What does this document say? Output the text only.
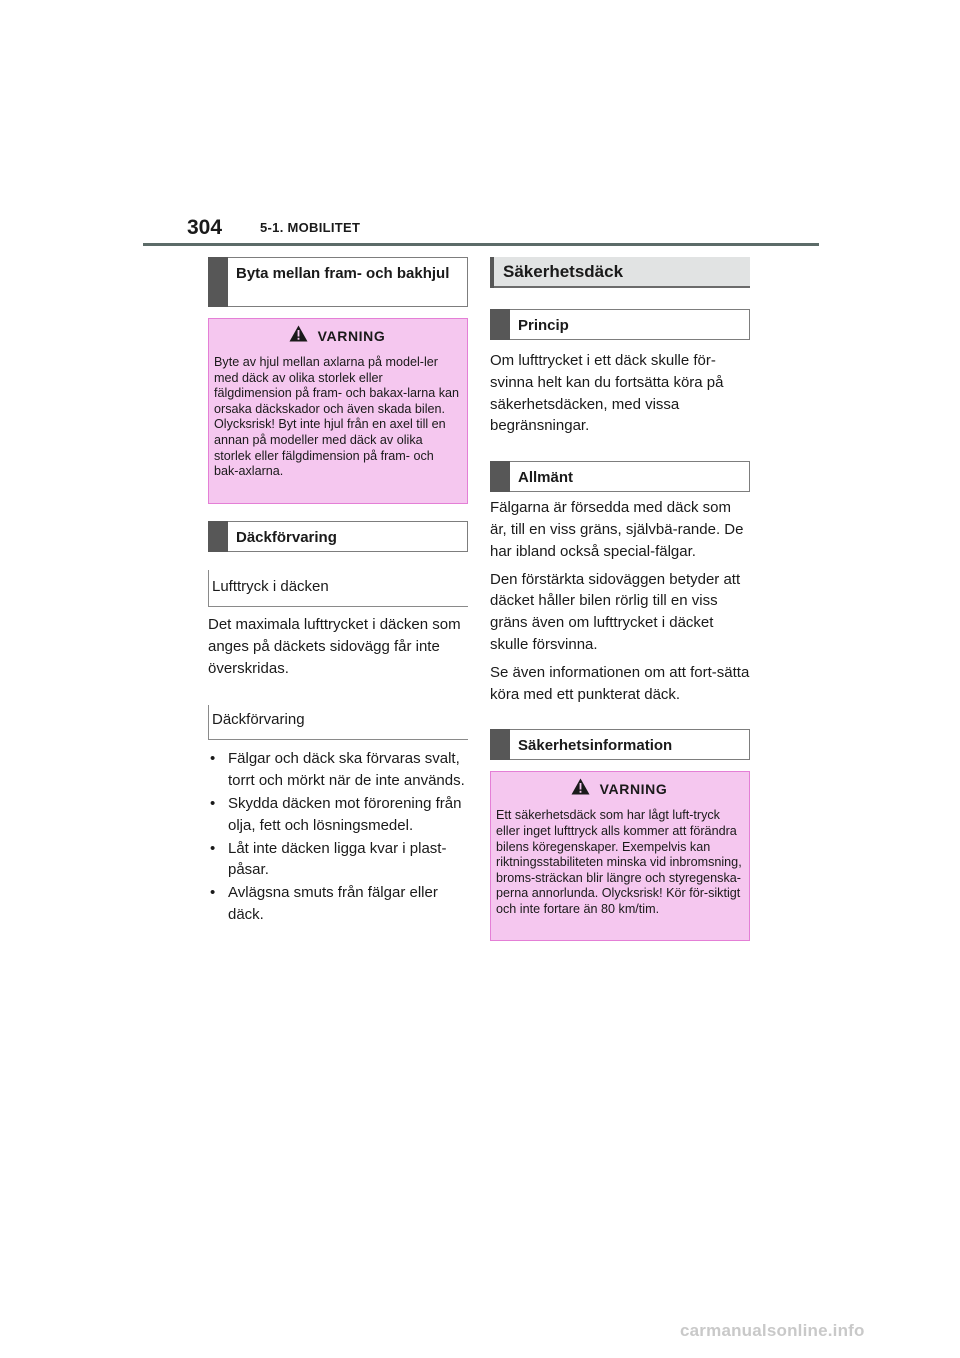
304	5-1. MOBILITET
Byta mellan fram- och bakhjul
VARNING
Byte av hjul mellan axlarna på model-ler med däck av olika storlek eller fälgdimension på fram- och bakax-larna kan orsaka däckskador och även skada bilen. Olycksrisk! Byt inte hjul från en axel till en annan på modeller med däck av olika storlek eller fälgdimension på fram- och bak-axlarna.
Däckförvaring
Lufttryck i däcken

Det maximala lufttrycket i däcken som anges på däckets sidovägg får inte överskridas.

Däckförvaring
• Fälgar och däck ska förvaras svalt, torrt och mörkt när de inte används.
• Skydda däcken mot förorening från olja, fett och lösningsmedel.
• Låt inte däcken ligga kvar i plast-påsar.
• Avlägsna smuts från fälgar eller däck.
Säkerhetsdäck
Princip

Om lufttrycket i ett däck skulle för-svinna helt kan du fortsätta köra på säkerhetsdäcken, med vissa begränsningar.

Allmänt

Fälgarna är försedda med däck som är, till en viss gräns, självbä-rande. De har ibland också special-fälgar.

Den förstärkta sidoväggen betyder att däcket håller bilen rörlig till en viss gräns även om lufttrycket i däcket skulle försvinna.

Se även informationen om att fort-sätta köra med ett punkterat däck.

Säkerhetsinformation
VARNING
Ett säkerhetsdäck som har lågt luft-tryck eller inget lufttryck alls kommer att förändra bilens köregenskaper. Exempelvis kan riktningsstabiliteten minska vid inbromsning, broms-sträckan blir längre och styregenska-perna annorlunda. Olycksrisk! Kör för-siktigt och inte fortare än 80 km/tim.
carmanualsonline.info
